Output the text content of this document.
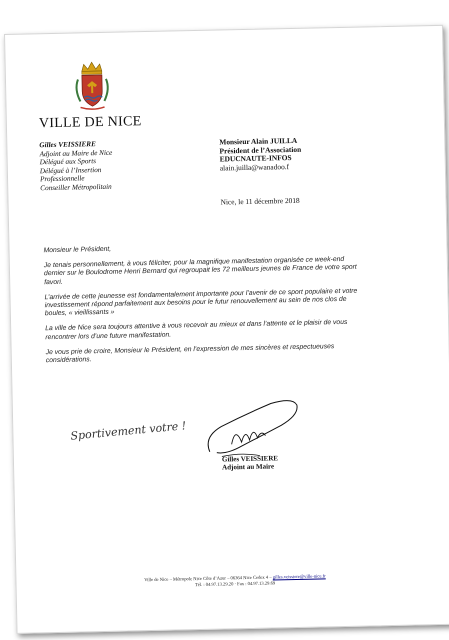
VILLE DE NICE
Gilles VEISSIERE
Adjoint au Maire de Nice
Délégué aux Sports
Délégué à l’Insertion
Professionnelle
Conseiller Métropolitain
Monsieur Alain JUILLA
Président de l’Association
EDUCNAUTE-INFOS
alain.juilla@wanadoo.f
Nice, le 11 décembre 2018

Monsieur le Président,

Je tenais personnellement, à vous féliciter, pour la magnifique manifestation organisée ce week-end dernier sur le Boulodrome Henri Bernard qui regroupait les 72 meilleurs jeunes de France de votre sport favori.

L’arrivée de cette jeunesse est fondamentalement importante pour l’avenir de ce sport populaire et votre investissement répond parfaitement aux besoins pour le futur renouvellement au sein de nos clos de boules, « vieillissants »

La ville de Nice sera toujours attentive à vous recevoir au mieux et dans l’attente et le plaisir de vous rencontrer lors d’une future manifestation.

Je vous prie de croire, Monsieur le Président, en l’expression de mes sincères et respectueuses considérations.

Sportivement votre !
Gilles VEISSIERE
Adjoint au Maire
Ville de Nice – Métropole Nice Côte d’Azur – 06364 Nice Cedex 4 – gilles.veissiere@ville-nice.fr
Tél. : 04.97.13.29.20 · Fax : 04.97.13.29.69
